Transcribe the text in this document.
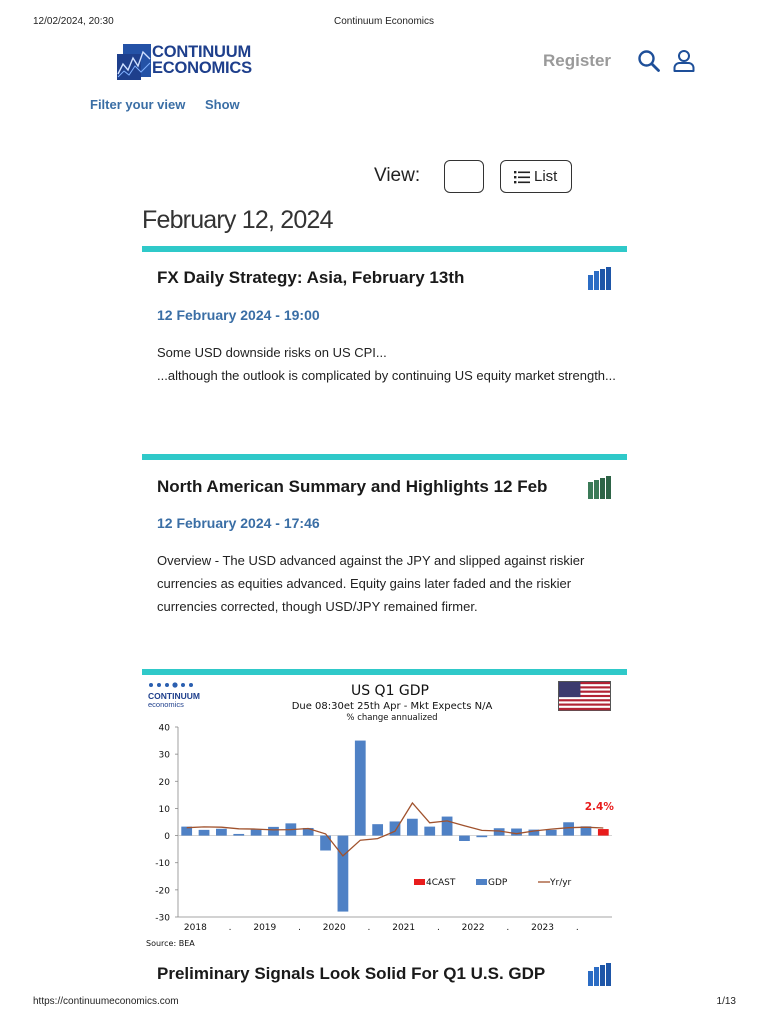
12/02/2024, 20:30	Continuum Economics
CONTINUUM
ECONOMICS	Register
Filter your view Show
View:	List
February 12, 2024
FX Daily Strategy: Asia, February 13th
12 February 2024 - 19:00

Some USD downside risks on US CPI...

...although the outlook is complicated by continuing US equity market strength...

North American Summary and Highlights 12 Feb
12 February 2024 - 17:46

Overview - The USD advanced against the JPY and slipped against riskier currencies as equities advanced. Equity gains later faded and the riskier currencies corrected, though USD/JPY remained firmer.

CONTINUUM
economics
US Q1 GDP
Due 08:30et 25th Apr - Mkt Expects N/A
% change annualized
40
30
20
10
0
-10
-20
-30
2.4%
2018 . 2019 . 2020 . 2021 . 2022 . 2023 .
4CAST	GDP	Yr/yr
Source: BEA
Preliminary Signals Look Solid For Q1 U.S. GDP
https://continuumeconomics.com	1/13
